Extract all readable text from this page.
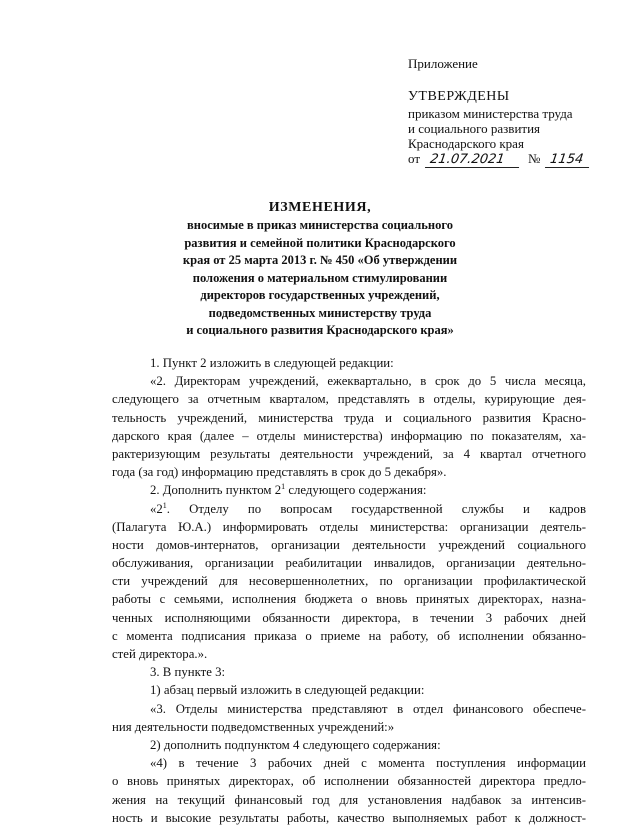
Приложение
УТВЕРЖДЕНЫ
приказом министерства труда
и социального развития
Краснодарского края
от 21.07.2021 № 1154
ИЗМЕНЕНИЯ,
вносимые в приказ министерства социального
развития и семейной политики Краснодарского
края от 25 марта 2013 г. № 450 «Об утверждении
положения о материальном стимулировании
директоров государственных учреждений,
подведомственных министерству труда
и социального развития Краснодарского края»
1. Пункт 2 изложить в следующей редакции:
«2. Директорам учреждений, ежеквартально, в срок до 5 числа месяца,
следующего за отчетным кварталом, представлять в отделы, курирующие дея-
тельность учреждений, министерства труда и социального развития Красно-
дарского края (далее – отделы министерства) информацию по показателям, ха-
рактеризующим результаты деятельности учреждений, за 4 квартал отчетного
года (за год) информацию представлять в срок до 5 декабря».
2. Дополнить пунктом $2^1$ следующего содержания:
«$2^1$. Отделу по вопросам государственной службы и кадров
(Палагута Ю.А.) информировать отделы министерства: организации деятель-
ности домов-интернатов, организации деятельности учреждений социального
обслуживания, организации реабилитации инвалидов, организации деятельно-
сти учреждений для несовершеннолетних, по организации профилактической
работы с семьями, исполнения бюджета о вновь принятых директорах, назна-
ченных исполняющими обязанности директора, в течении 3 рабочих дней
с момента подписания приказа о приеме на работу, об исполнении обязанно-
стей директора.».
3. В пункте 3:
1) абзац первый изложить в следующей редакции:
«3. Отделы министерства представляют в отдел финансового обеспече-
ния деятельности подведомственных учреждений:»
2) дополнить подпунктом 4 следующего содержания:
«4) в течение 3 рабочих дней с момента поступления информации
о вновь принятых директорах, об исполнении обязанностей директора предло-
жения на текущий финансовый год для установления надбавок за интенсив-
ность и высокие результаты работы, качество выполняемых работ к должност-
